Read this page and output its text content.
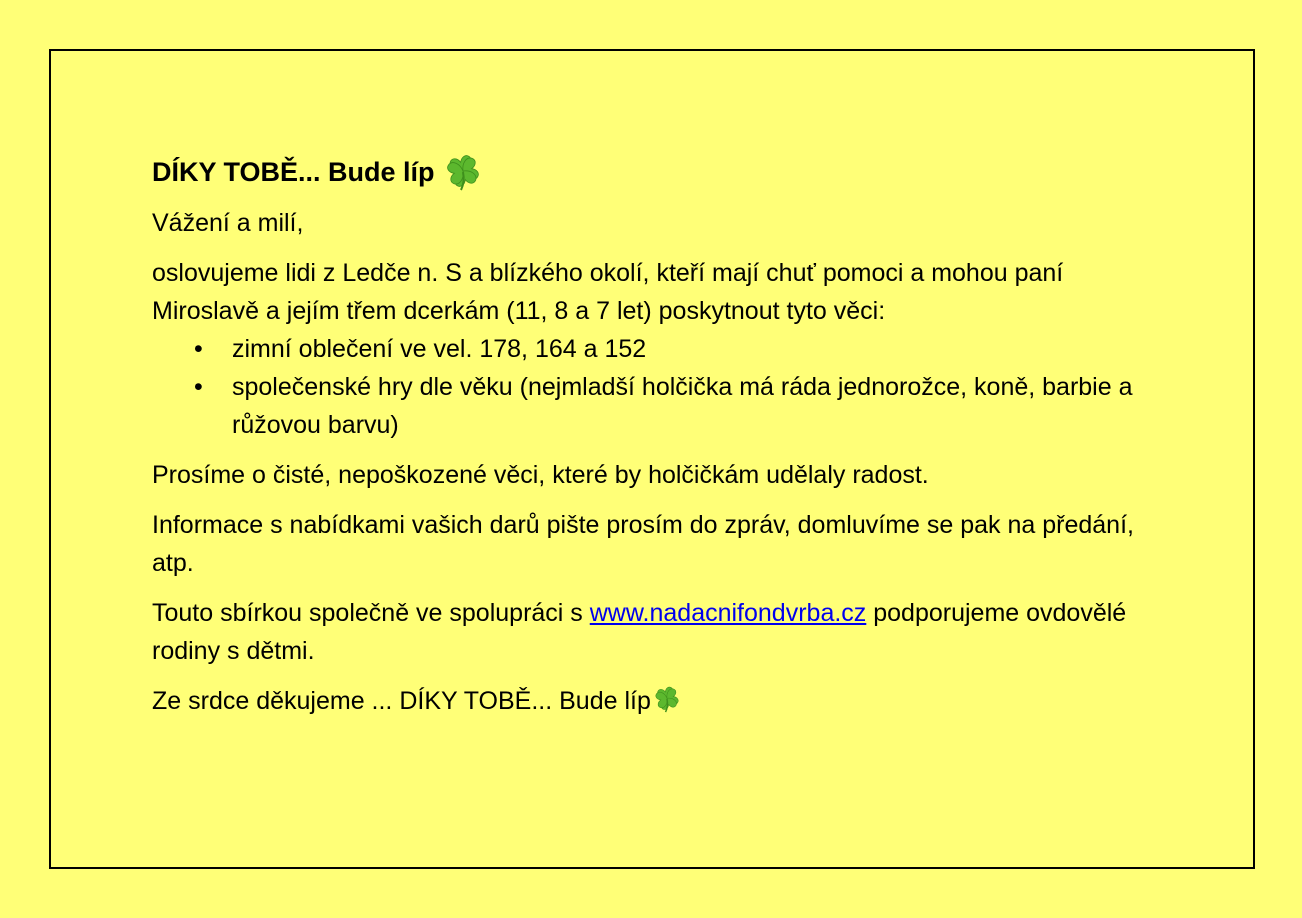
DÍKY TOBĚ... Bude líp

Vážení a milí,

oslovujeme lidi z Ledče n. S a blízkého okolí, kteří mají chuť pomoci a mohou paní Miroslavě a jejím třem dcerkám (11, 8 a 7 let) poskytnout tyto věci:

• zimní oblečení ve vel. 178, 164 a 152
• společenské hry dle věku (nejmladší holčička má ráda jednorožce, koně, barbie a růžovou barvu)

Prosíme o čisté, nepoškozené věci, které by holčičkám udělaly radost.

Informace s nabídkami vašich darů pište prosím do zpráv, domluvíme se pak na předání, atp.

Touto sbírkou společně ve spolupráci s www.nadacnifondvrba.cz podporujeme ovdovělé rodiny s dětmi.

Ze srdce děkujeme ... DÍKY TOBĚ... Bude líp
